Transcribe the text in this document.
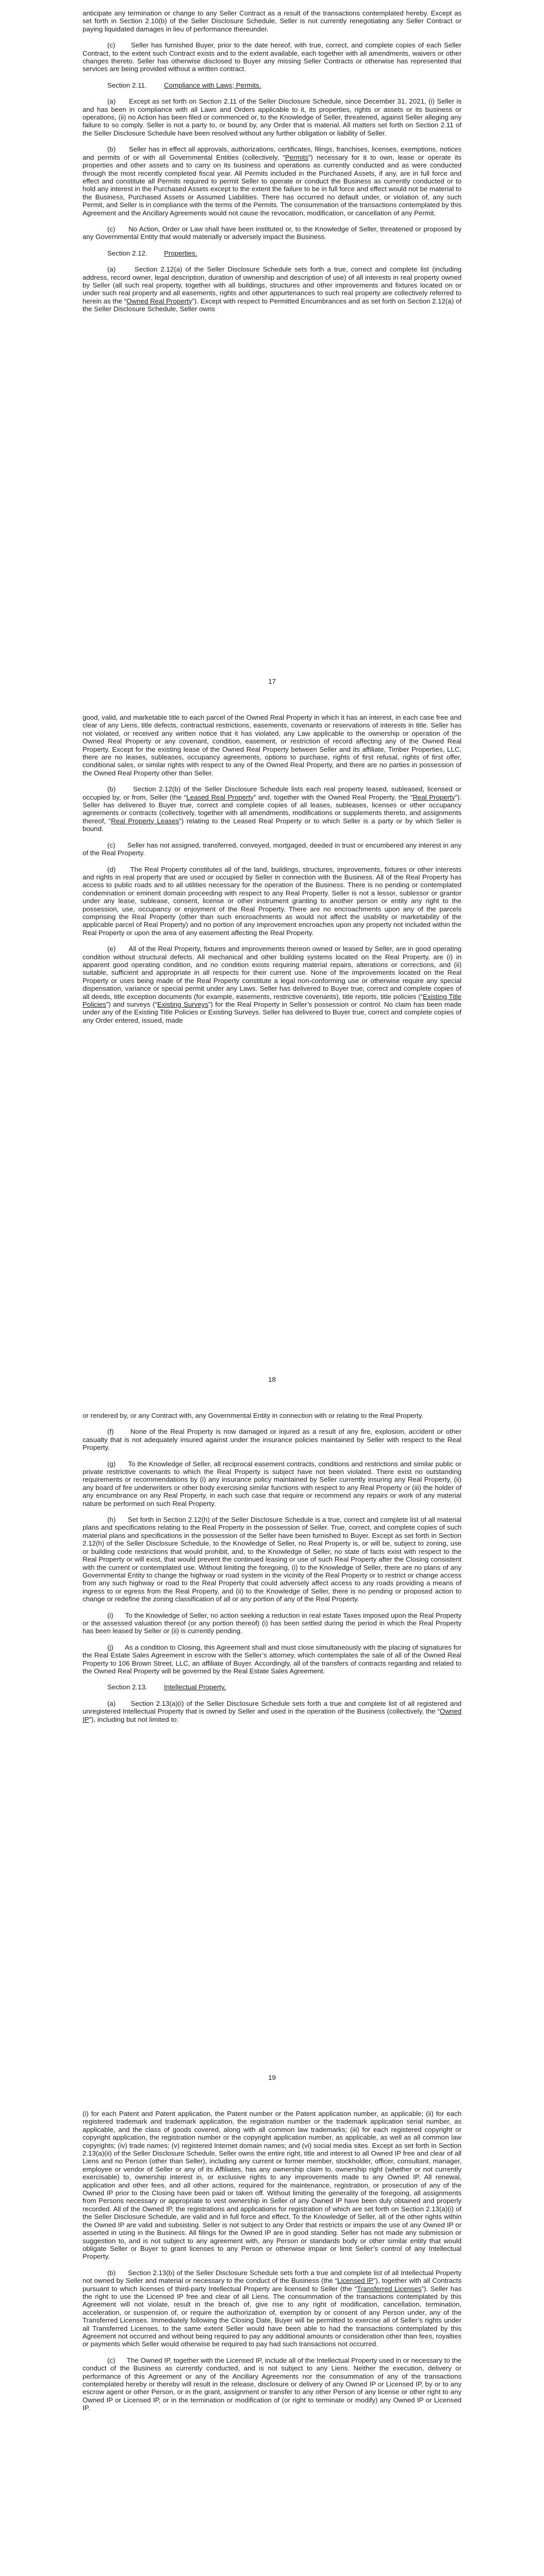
anticipate any termination or change to any Seller Contract as a result of the transactions contemplated hereby. Except as set forth in Section 2.10(b) of the Seller Disclosure Schedule, Seller is not currently renegotiating any Seller Contract or paying liquidated damages in lieu of performance thereunder.

(c)      Seller has furnished Buyer, prior to the date hereof, with true, correct, and complete copies of each Seller Contract, to the extent such Contract exists and to the extent available, each together with all amendments, waivers or other changes thereto. Seller has otherwise disclosed to Buyer any missing Seller Contracts or otherwise has represented that services are being provided without a written contract.

Section 2.11.	Compliance with Laws; Permits.

(a)      Except as set forth on Section 2.11 of the Seller Disclosure Schedule, since December 31, 2021, (i) Seller is and has been in compliance with all Laws and Orders applicable to it, its properties, rights or assets or its business or operations, (ii) no Action has been filed or commenced or, to the Knowledge of Seller, threatened, against Seller alleging any failure to so comply. Seller is not a party to, or bound by, any Order that is material. All matters set forth on Section 2.11 of the Seller Disclosure Schedule have been resolved without any further obligation or liability of Seller.

(b)      Seller has in effect all approvals, authorizations, certificates, filings, franchises, licenses, exemptions, notices and permits of or with all Governmental Entities (collectively, “Permits”) necessary for it to own, lease or operate its properties and other assets and to carry on its business and operations as currently conducted and as were conducted through the most recently completed fiscal year. All Permits included in the Purchased Assets, if any, are in full force and effect and constitute all Permits required to permit Seller to operate or conduct the Business as currently conducted or to hold any interest in the Purchased Assets except to the extent the failure to be in full force and effect would not be material to the Business, Purchased Assets or Assumed Liabilities. There has occurred no default under, or violation of, any such Permit, and Seller is in compliance with the terms of the Permits. The consummation of the transactions contemplated by this Agreement and the Ancillary Agreements would not cause the revocation, modification, or cancellation of any Permit.

(c)      No Action, Order or Law shall have been instituted or, to the Knowledge of Seller, threatened or proposed by any Governmental Entity that would materially or adversely impact the Business.

Section 2.12. Properties.

(a)      Section 2.12(a) of the Seller Disclosure Schedule sets forth a true, correct and complete list (including address, record owner, legal description, duration of ownership and description of use) of all interests in real property owned by Seller (all such real property, together with all buildings, structures and other improvements and fixtures located on or under such real property and all easements, rights and other appurtenances to such real property are collectively referred to herein as the “Owned Real Property”). Except with respect to Permitted Encumbrances and as set forth on Section 2.12(a) of the Seller Disclosure Schedule, Seller owns

17

good, valid, and marketable title to each parcel of the Owned Real Property in which it has an interest, in each case free and clear of any Liens, title defects, contractual restrictions, easements, covenants or reservations of interests in title. Seller has not violated, or received any written notice that it has violated, any Law applicable to the ownership or operation of the Owned Real Property or any covenant, condition, easement, or restriction of record affecting any of the Owned Real Property. Except for the existing lease of the Owned Real Property between Seller and its affiliate, Timber Properties, LLC, there are no leases, subleases, occupancy agreements, options to purchase, rights of first refusal, rights of first offer, conditional sales, or similar rights with respect to any of the Owned Real Property, and there are no parties in possession of the Owned Real Property other than Seller.

(b)      Section 2.12(b) of the Seller Disclosure Schedule lists each real property leased, subleased, licensed or occupied by, or from, Seller (the “Leased Real Property” and, together with the Owned Real Property, the “Real Property”). Seller has delivered to Buyer true, correct and complete copies of all leases, subleases, licenses or other occupancy agreements or contracts (collectively, together with all amendments, modifications or supplements thereto, and assignments thereof, “Real Property Leases”) relating to the Leased Real Property or to which Seller is a party or by which Seller is bound.

(c)      Seller has not assigned, transferred, conveyed, mortgaged, deeded in trust or encumbered any interest in any of the Real Property.

(d)      The Real Property constitutes all of the land, buildings, structures, improvements, fixtures or other interests and rights in real property that are used or occupied by Seller in connection with the Business. All of the Real Property has access to public roads and to all utilities necessary for the operation of the Business. There is no pending or contemplated condemnation or eminent domain proceeding with respect to any Real Property. Seller is not a lessor, sublessor or grantor under any lease, sublease, consent, license or other instrument granting to another person or entity any right to the possession, use, occupancy or enjoyment of the Real Property. There are no encroachments upon any of the parcels comprising the Real Property (other than such encroachments as would not affect the usability or marketability of the applicable parcel of Real Property) and no portion of any improvement encroaches upon any property not included within the Real Property or upon the area of any easement affecting the Real Property.

(e)      All of the Real Property, fixtures and improvements thereon owned or leased by Seller, are in good operating condition without structural defects. All mechanical and other building systems located on the Real Property, are (i) in apparent good operating condition, and no condition exists requiring material repairs, alterations or corrections, and (ii) suitable, sufficient and appropriate in all respects for their current use. None of the improvements located on the Real Property or uses being made of the Real Property constitute a legal non-conforming use or otherwise require any special dispensation, variance or special permit under any Laws. Seller has delivered to Buyer true, correct and complete copies of all deeds, title exception documents (for example, easements, restrictive covenants), title reports, title policies (“Existing Title Policies”) and surveys (“Existing Surveys”) for the Real Property in Seller’s possession or control. No claim has been made under any of the Existing Title Policies or Existing Surveys. Seller has delivered to Buyer true, correct and complete copies of any Order entered, issued, made

18

or rendered by, or any Contract with, any Governmental Entity in connection with or relating to the Real Property.

(f)      None of the Real Property is now damaged or injured as a result of any fire, explosion, accident or other casualty that is not adequately insured against under the insurance policies maintained by Seller with respect to the Real Property.

(g)      To the Knowledge of Seller, all reciprocal easement contracts, conditions and restrictions and similar public or private restrictive covenants to which the Real Property is subject have not been violated. There exist no outstanding requirements or recommendations by (i) any insurance policy maintained by Seller currently insuring any Real Property, (ii) any board of fire underwriters or other body exercising similar functions with respect to any Real Property or (iii) the holder of any encumbrance on any Real Property, in each such case that require or recommend any repairs or work of any material nature be performed on such Real Property.

(h)      Set forth in Section 2.12(h) of the Seller Disclosure Schedule is a true, correct and complete list of all material plans and specifications relating to the Real Property in the possession of Seller. True, correct, and complete copies of such material plans and specifications in the possession of the Seller have been furnished to Buyer. Except as set forth in Section 2.12(h) of the Seller Disclosure Schedule, to the Knowledge of Seller, no Real Property is, or will be, subject to zoning, use or building code restrictions that would prohibit, and, to the Knowledge of Seller, no state of facts exist with respect to the Real Property or will exist, that would prevent the continued leasing or use of such Real Property after the Closing consistent with the current or contemplated use. Without limiting the foregoing, (i) to the Knowledge of Seller, there are no plans of any Governmental Entity to change the highway or road system in the vicinity of the Real Property or to restrict or change access from any such highway or road to the Real Property that could adversely affect access to any roads providing a means of ingress to or egress from the Real Property, and (ii) to the Knowledge of Seller, there is no pending or proposed action to change or redefine the zoning classification of all or any portion of any of the Real Property.

(i)      To the Knowledge of Seller, no action seeking a reduction in real estate Taxes imposed upon the Real Property or the assessed valuation thereof (or any portion thereof) (i) has been settled during the period in which the Real Property has been leased by Seller or (ii) is currently pending.

(j)      As a condition to Closing, this Agreement shall and must close simultaneously with the placing of signatures for the Real Estate Sales Agreement in escrow with the Seller’s attorney, which contemplates the sale of all of the Owned Real Property to 106 Brown Street, LLC, an affiliate of Buyer. Accordingly, all of the transfers of contracts regarding and related to the Owned Real Property will be governed by the Real Estate Sales Agreement.

Section 2.13. Intellectual Property.

(a)      Section 2.13(a)(i) of the Seller Disclosure Schedule sets forth a true and complete list of all registered and unregistered Intellectual Property that is owned by Seller and used in the operation of the Business (collectively, the “Owned IP”), including but not limited to:

19

(i) for each Patent and Patent application, the Patent number or the Patent application number, as applicable; (ii) for each registered trademark and trademark application, the registration number or the trademark application serial number, as applicable, and the class of goods covered, along with all common law trademarks; (iii) for each registered copyright or copyright application, the registration number or the copyright application number, as applicable, as well as all common law copyrights; (iv) trade names; (v) registered Internet domain names; and (vi) social media sites. Except as set forth in Section 2.13(a)(ii) of the Seller Disclosure Schedule, Seller owns the entire right, title and interest to all Owned IP free and clear of all Liens and no Person (other than Seller), including any current or former member, stockholder, officer, consultant, manager, employee or vendor of Seller or any of its Affiliates, has any ownership claim to, ownership right (whether or not currently exercisable) to, ownership interest in, or exclusive rights to any improvements made to any Owned IP. All renewal, application and other fees, and all other actions, required for the maintenance, registration, or prosecution of any of the Owned IP prior to the Closing have been paid or taken off. Without limiting the generality of the foregoing, all assignments from Persons necessary or appropriate to vest ownership in Seller of any Owned IP have been duly obtained and properly recorded. All of the Owned IP, the registrations and applications for registration of which are set forth on Section 2.13(a)(i) of the Seller Disclosure Schedule, are valid and in full force and effect. To the Knowledge of Seller, all of the other rights within the Owned IP are valid and subsisting. Seller is not subject to any Order that restricts or impairs the use of any Owned IP or asserted in using in the Business. All filings for the Owned IP are in good standing. Seller has not made any submission or suggestion to, and is not subject to any agreement with, any Person or standards body or other similar entity that would obligate Seller or Buyer to grant licenses to any Person or otherwise impair or limit Seller’s control of any Intellectual Property.

(b)      Section 2.13(b) of the Seller Disclosure Schedule sets forth a true and complete list of all Intellectual Property not owned by Seller and material or necessary to the conduct of the Business (the “Licensed IP”), together with all Contracts pursuant to which licenses of third-party Intellectual Property are licensed to Seller (the “Transferred Licenses”). Seller has the right to use the Licensed IP free and clear of all Liens. The consummation of the transactions contemplated by this Agreement will not violate, result in the breach of, give rise to any right of modification, cancellation, termination, acceleration, or suspension of, or require the authorization of, exemption by or consent of any Person under, any of the Transferred Licenses. Immediately following the Closing Date, Buyer will be permitted to exercise all of Seller’s rights under all Transferred Licenses, to the same extent Seller would have been able to had the transactions contemplated by this Agreement not occurred and without being required to pay any additional amounts or consideration other than fees, royalties or payments which Seller would otherwise be required to pay had such transactions not occurred.

(c)      The Owned IP, together with the Licensed IP, include all of the Intellectual Property used in or necessary to the conduct of the Business as currently conducted, and is not subject to any Liens. Neither the execution, delivery or performance of this Agreement or any of the Ancillary Agreements nor the consummation of any of the transactions contemplated hereby or thereby will result in the release, disclosure or delivery of any Owned IP or Licensed IP, by or to any escrow agent or other Person, or in the grant, assignment or transfer to any other Person of any license or other right to any Owned IP or Licensed IP, or in the termination or modification of (or right to terminate or modify) any Owned IP or Licensed IP.
